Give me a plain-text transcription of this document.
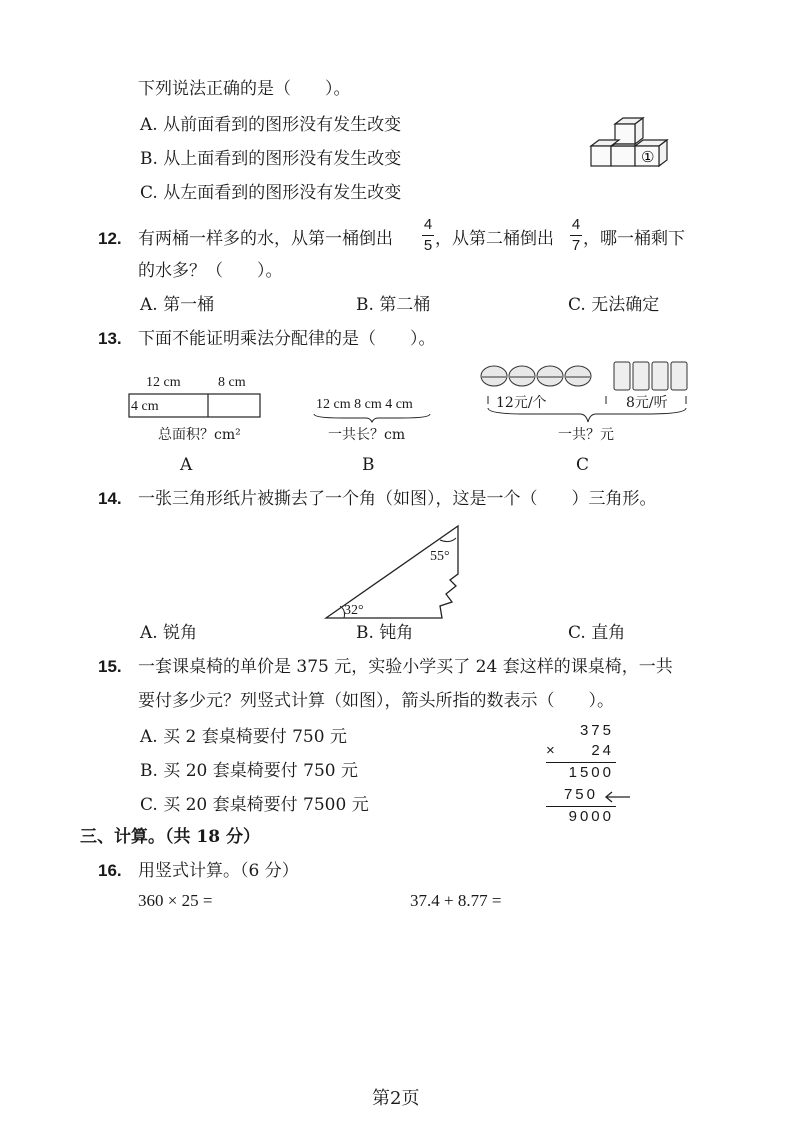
下列说法正确的是（　　）。
A. 从前面看到的图形没有发生改变
B. 从上面看到的图形没有发生改变
C. 从左面看到的图形没有发生改变
①
12. 有两桶一样多的水，从第一桶倒出
4
5 ，从第二桶倒出
4
7 ，哪一桶剩下
的水多？（　　）。
A. 第一桶	B. 第二桶	C. 无法确定
13. 下面不能证明乘法分配律的是（　　）。
12 cm	8 cm
4 cm
总面积？cm²
A
12 cm 8 cm 4 cm
一共长？cm
B
12元/个	8元/听
一共？元
C
14. 一张三角形纸片被撕去了一个角（如图），这是一个（　　）三角形。
55°
32°
A. 锐角	B. 钝角	C. 直角
15. 一套课桌椅的单价是 375 元，实验小学买了 24 套这样的课桌椅，一共
要付多少元？列竖式计算（如图），箭头所指的数表示（　　）。
A. 买 2 套桌椅要付 750 元
B. 买 20 套桌椅要付 750 元
C. 买 20 套桌椅要付 7500 元
375
×	24
1500
750
9000
三、计算。（共 18 分）
16. 用竖式计算。（6 分）
360 × 25 =	37.4 + 8.77 =
第2页
